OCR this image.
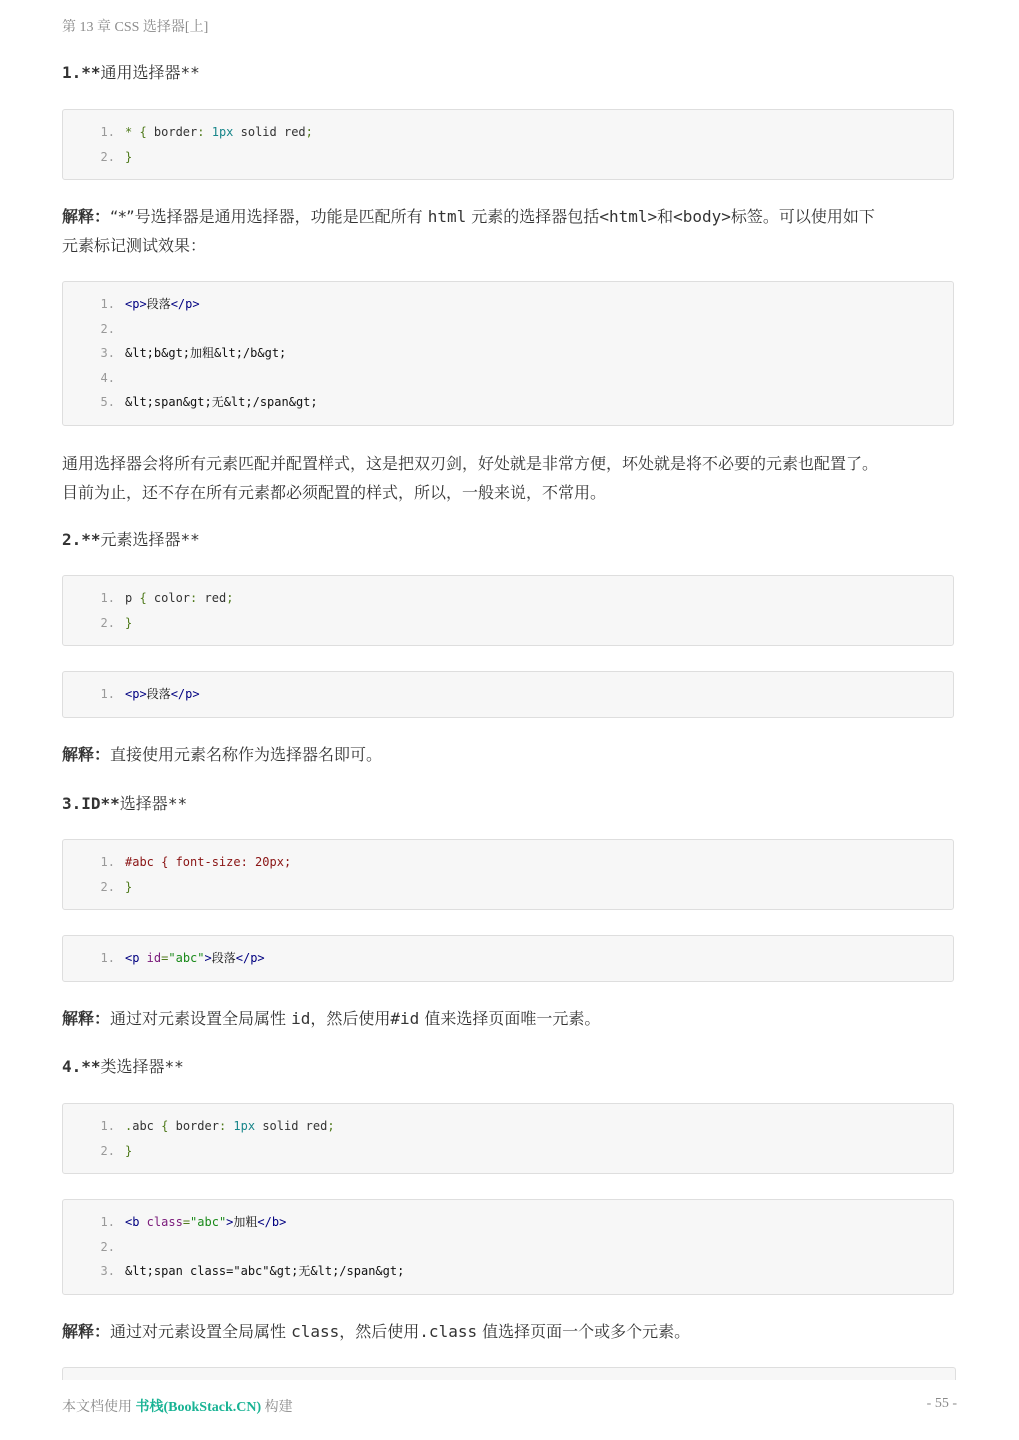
第 13 章 CSS 选择器[上]
1.**通用选择器**
1. * { border: 1px solid red;
2. }
解释：“*”号选择器是通用选择器，功能是匹配所有 html 元素的选择器包括<html>和<body>标签。可以使用如下
元素标记测试效果：
1. <p>段落</p>
2.
3. &lt;b&gt;加粗&lt;/b&gt;
4.
5. &lt;span&gt;无&lt;/span&gt;
通用选择器会将所有元素匹配并配置样式，这是把双刃剑，好处就是非常方便，坏处就是将不必要的元素也配置了。
目前为止，还不存在所有元素都必须配置的样式，所以，一般来说，不常用。
2.**元素选择器**
1. p { color: red;
2. }
1. <p>段落</p>
解释：直接使用元素名称作为选择器名即可。
3.ID**选择器**
1. #abc { font-size: 20px;
2. }
1. <p id="abc">段落</p>
解释：通过对元素设置全局属性 id，然后使用#id 值来选择页面唯一元素。
4.**类选择器**
1. .abc { border: 1px solid red;
2. }
1. <b class="abc">加粗</b>
2.
3. &lt;span class="abc"&gt;无&lt;/span&gt;
解释：通过对元素设置全局属性 class，然后使用.class 值选择页面一个或多个元素。
本文档使用 书栈(BookStack.CN) 构建	- 55 -
